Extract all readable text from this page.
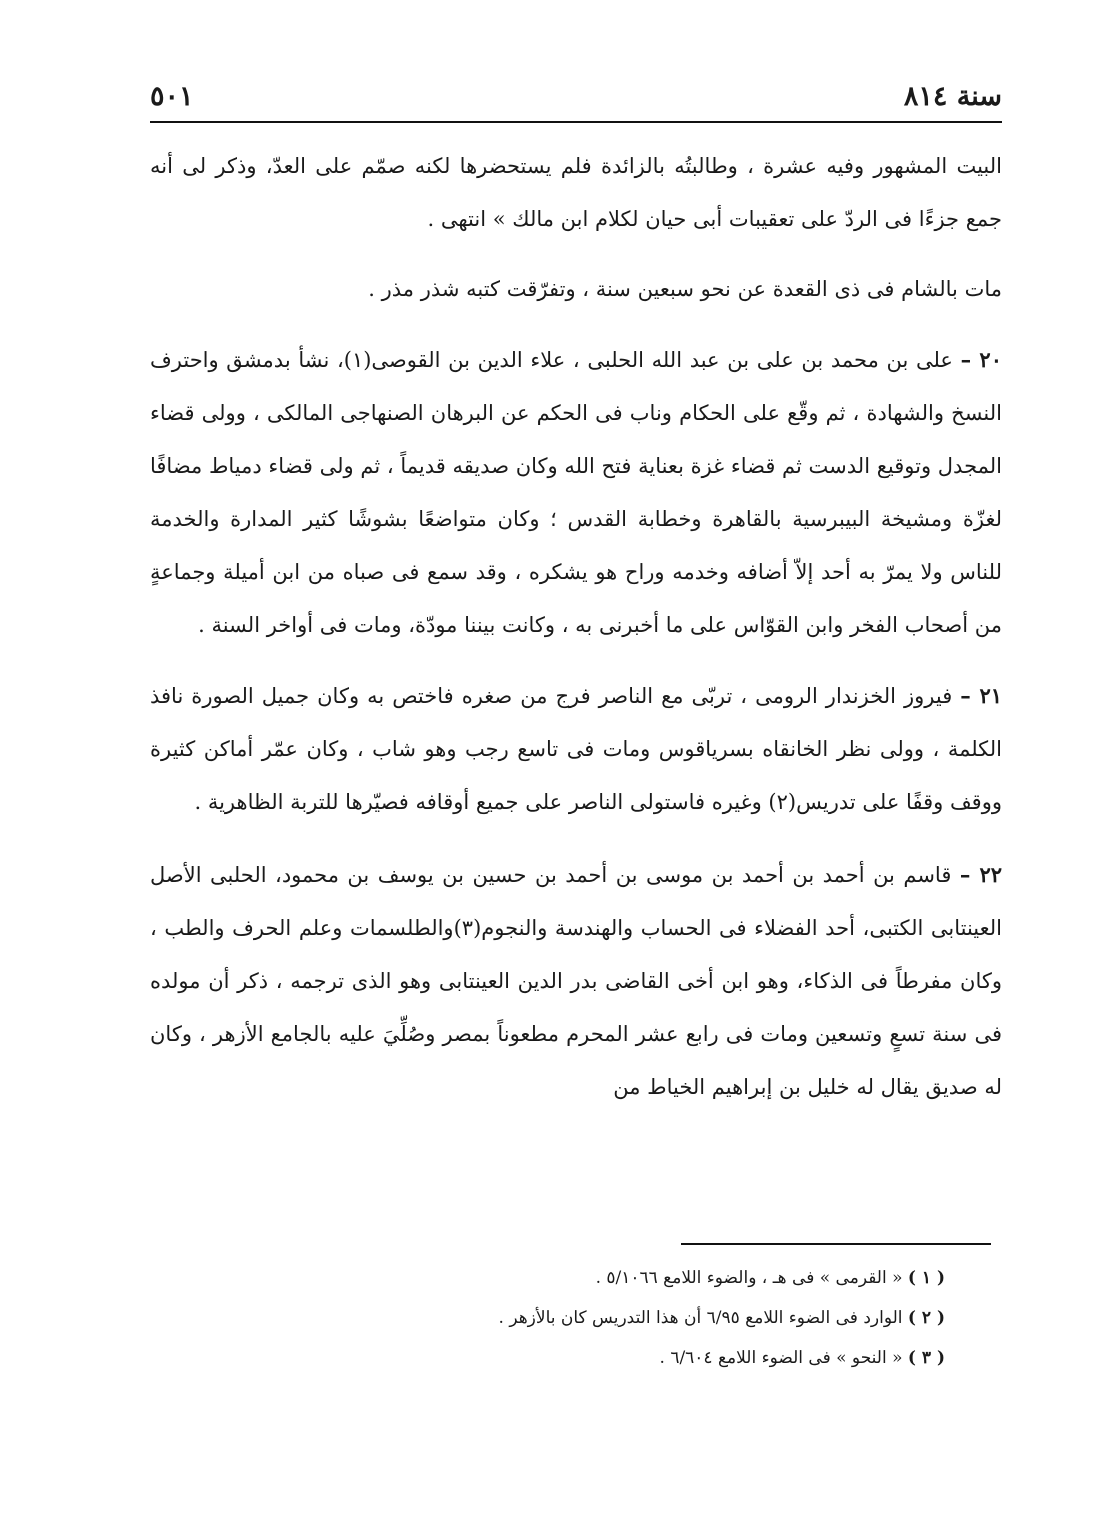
سنة ٨١٤
٥٠١

البيت المشهور وفيه عشرة ، وطالبتُه بالزائدة فلم يستحضرها لكنه صمّم على العدّ، وذكر لى أنه جمع جزءًا فى الردّ على تعقيبات أبى حيان لكلام ابن مالك » انتهى .

مات بالشام فى ذى القعدة عن نحو سبعين سنة ، وتفرّقت كتبه شذر مذر .

٢٠ – على بن محمد بن على بن عبد الله الحلبى ، علاء الدين بن القوصى(١)، نشأ بدمشق واحترف النسخ والشهادة ، ثم وقّع على الحكام وناب فى الحكم عن البرهان الصنهاجى المالكى ، وولى قضاء المجدل وتوقيع الدست ثم قضاء غزة بعناية فتح الله وكان صديقه قديماً ، ثم ولى قضاء دمياط مضافًا لغزّة ومشيخة البيبرسية بالقاهرة وخطابة القدس ؛ وكان متواضعًا بشوشًا كثير المدارة والخدمة للناس ولا يمرّ به أحد إلاّ أضافه وخدمه وراح هو يشكره ، وقد سمع فى صباه من ابن أميلة وجماعةٍ من أصحاب الفخر وابن القوّاس على ما أخبرنى به ، وكانت بيننا مودّة، ومات فى أواخر السنة .

٢١ – فيروز الخزندار الرومى ، تربّى مع الناصر فرج من صغره فاختص به وكان جميل الصورة نافذ الكلمة ، وولى نظر الخانقاه بسرياقوس ومات فى تاسع رجب وهو شاب ، وكان عمّر أماكن كثيرة ووقف وقفًا على تدريس(٢) وغيره فاستولى الناصر على جميع أوقافه فصيّرها للتربة الظاهرية .

٢٢ – قاسم بن أحمد بن أحمد بن موسى بن أحمد بن حسين بن يوسف بن محمود، الحلبى الأصل العينتابى الكتبى، أحد الفضلاء فى الحساب والهندسة والنجوم(٣)والطلسمات وعلم الحرف والطب ، وكان مفرطاً فى الذكاء، وهو ابن أخى القاضى بدر الدين العينتابى وهو الذى ترجمه ، ذكر أن مولده فى سنة تسعٍ وتسعين ومات فى رابع عشر المحرم مطعوناً بمصر وصُلِّيَ عليه بالجامع الأزهر ، وكان له صديق يقال له خليل بن إبراهيم الخياط من

( ١ ) « القرمى » فى هـ ، والضوء اللامع ٥/١٠٦٦ .

( ٢ ) الوارد فى الضوء اللامع ٦/٩٥ أن هذا التدريس كان بالأزهر .

( ٣ ) « النحو » فى الضوء اللامع ٦/٦٠٤ .
